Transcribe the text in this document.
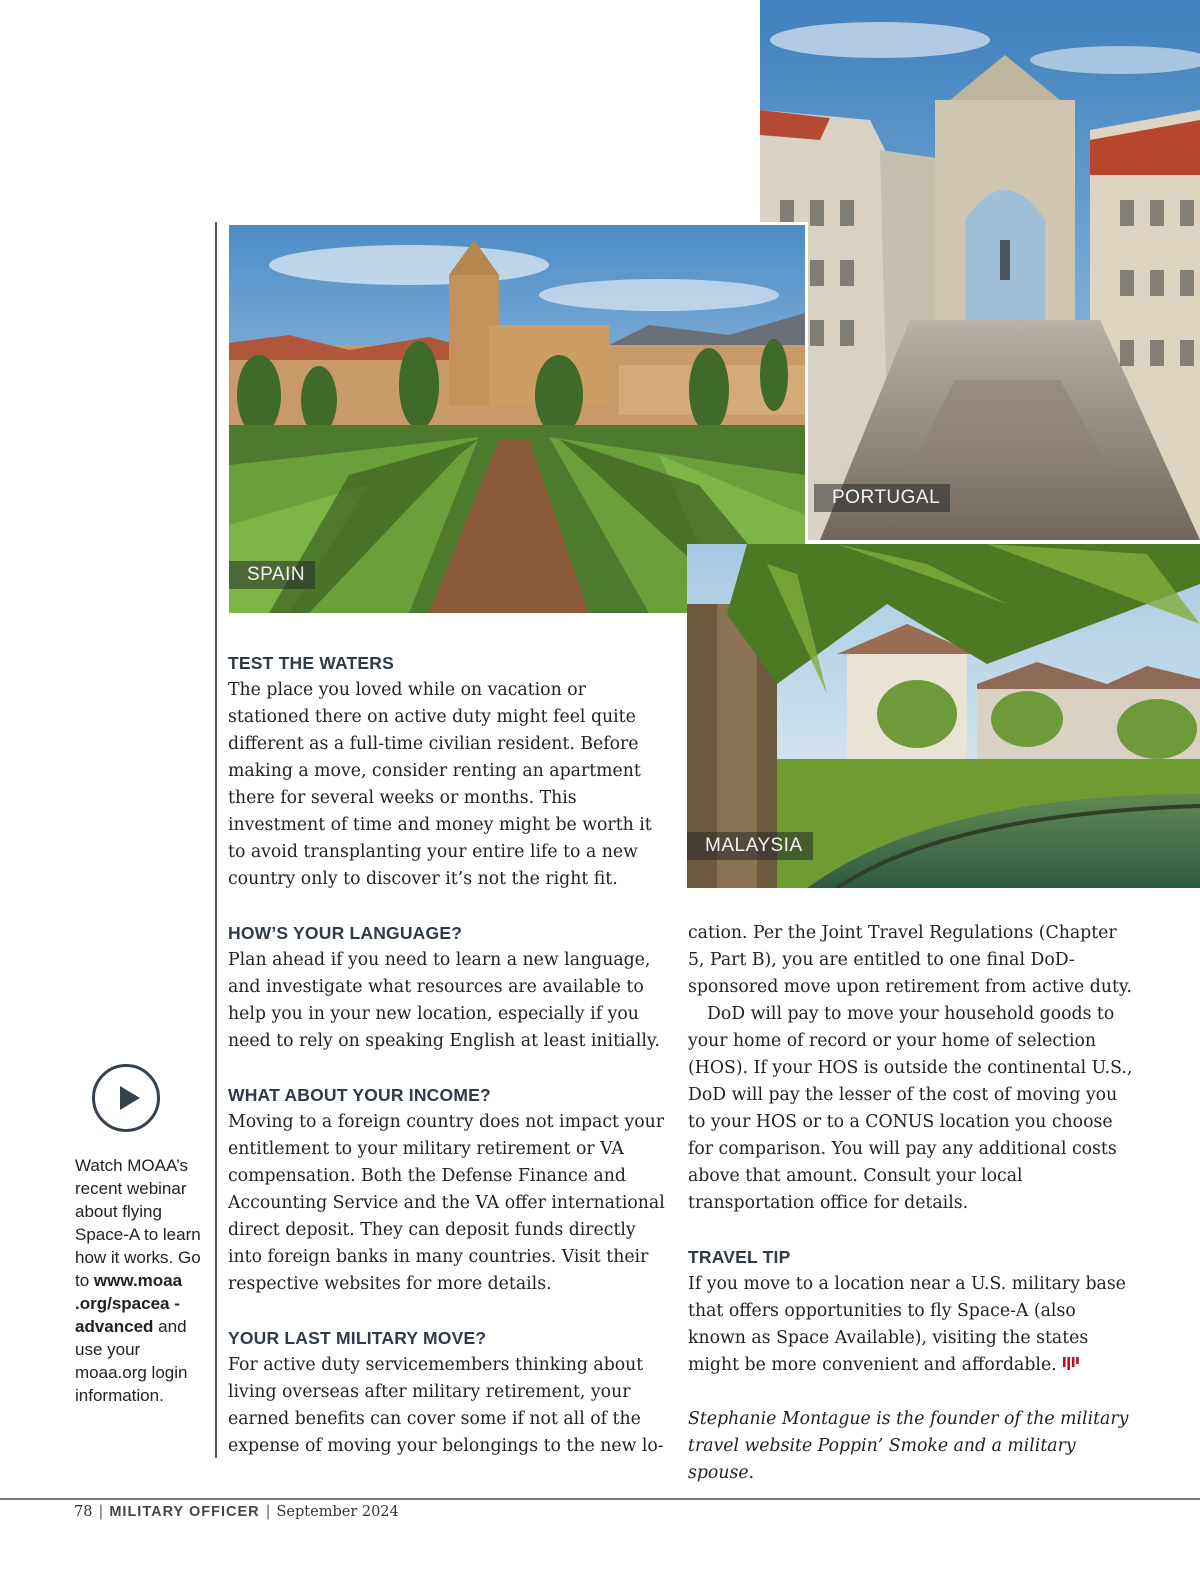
PORTUGAL
SPAIN
MALAYSIA

TEST THE WATERS

The place you loved while on vacation or stationed there on active duty might feel quite different as a full-time civilian resident. Before making a move, consider renting an apartment there for several weeks or months. This investment of time and money might be worth it to avoid transplanting your entire life to a new country only to discover it’s not the right fit.

HOW’S YOUR LANGUAGE?

Plan ahead if you need to learn a new language, and investigate what resources are available to help you in your new location, especially if you need to rely on speaking English at least initially.

WHAT ABOUT YOUR INCOME?

Moving to a foreign country does not impact your entitlement to your military retirement or VA compensation. Both the Defense Finance and Accounting Service and the VA offer international direct deposit. They can deposit funds directly into foreign banks in many countries. Visit their respective websites for more details.

YOUR LAST MILITARY MOVE?

For active duty servicemembers thinking about living overseas after military retirement, your earned benefits can cover some if not all of the expense of moving your belongings to the new lo-

cation. Per the Joint Travel Regulations (Chapter 5, Part B), you are entitled to one final DoD-sponsored move upon retirement from active duty.

DoD will pay to move your household goods to your home of record or your home of selection (HOS). If your HOS is outside the continental U.S., DoD will pay the lesser of the cost of moving you to your HOS or to a CONUS location you choose for comparison. You will pay any additional costs above that amount. Consult your local transportation office for details.

TRAVEL TIP

If you move to a location near a U.S. military base that offers opportunities to fly Space-A (also known as Space Available), visiting the states might be more convenient and affordable.

Stephanie Montague is the founder of the military travel website Poppin’ Smoke and a military spouse.

Watch MOAA’s recent webinar about flying Space-A to learn how it works. Go to www.moaa .org/spacea -advanced and use your moaa.org login information.
78 | MILITARY OFFICER | September 2024
